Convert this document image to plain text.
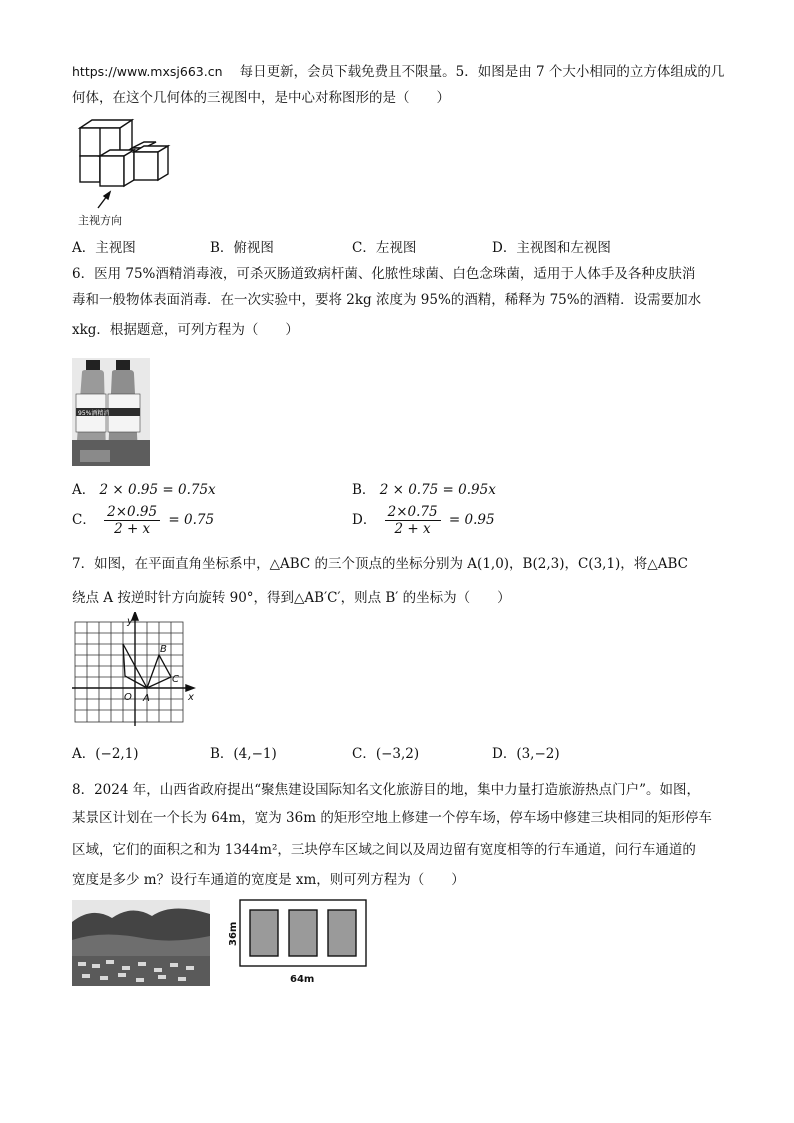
https://www.mxsj663.cn 每日更新，会员下载免费且不限量。5．如图是由 7 个大小相同的立方体组成的几
何体，在这个几何体的三视图中，是中心对称图形的是（　　）
主视方向
A．主视图	B．俯视图	C．左视图	D．主视图和左视图
6．医用 75%酒精消毒液，可杀灭肠道致病杆菌、化脓性球菌、白色念珠菌，适用于人体手及各种皮肤消
毒和一般物体表面消毒．在一次实验中，要将 2kg 浓度为 95%的酒精，稀释为 75%的酒精．设需要加水
xkg．根据题意，可列方程为（　　）
95%酒精消
A． 2 × 0.95 = 0.75x	B． 2 × 0.75 = 0.95x
C． $\frac{2\times 0.95}{2 + x} = 0.75$	D． $\frac{2\times 0.75}{2 + x} = 0.95$
7．如图，在平面直角坐标系中，△ABC 的三个顶点的坐标分别为 A(1,0)，B(2,3)，C(3,1)，将△ABC
绕点 A 按逆时针方向旋转 90°，得到△AB′C′，则点 B′ 的坐标为（　　）
y
x
O A
B
C
A．(−2,1)	B．(4,−1)	C．(−3,2)	D．(3,−2)
8．2024 年，山西省政府提出“聚焦建设国际知名文化旅游目的地，集中力量打造旅游热点门户”。如图，
某景区计划在一个长为 64m，宽为 36m 的矩形空地上修建一个停车场，停车场中修建三块相同的矩形停车
区域，它们的面积之和为 1344m²，三块停车区域之间以及周边留有宽度相等的行车通道，问行车通道的
宽度是多少 m？设行车通道的宽度是 xm，则可列方程为（　　）
36m
64m
